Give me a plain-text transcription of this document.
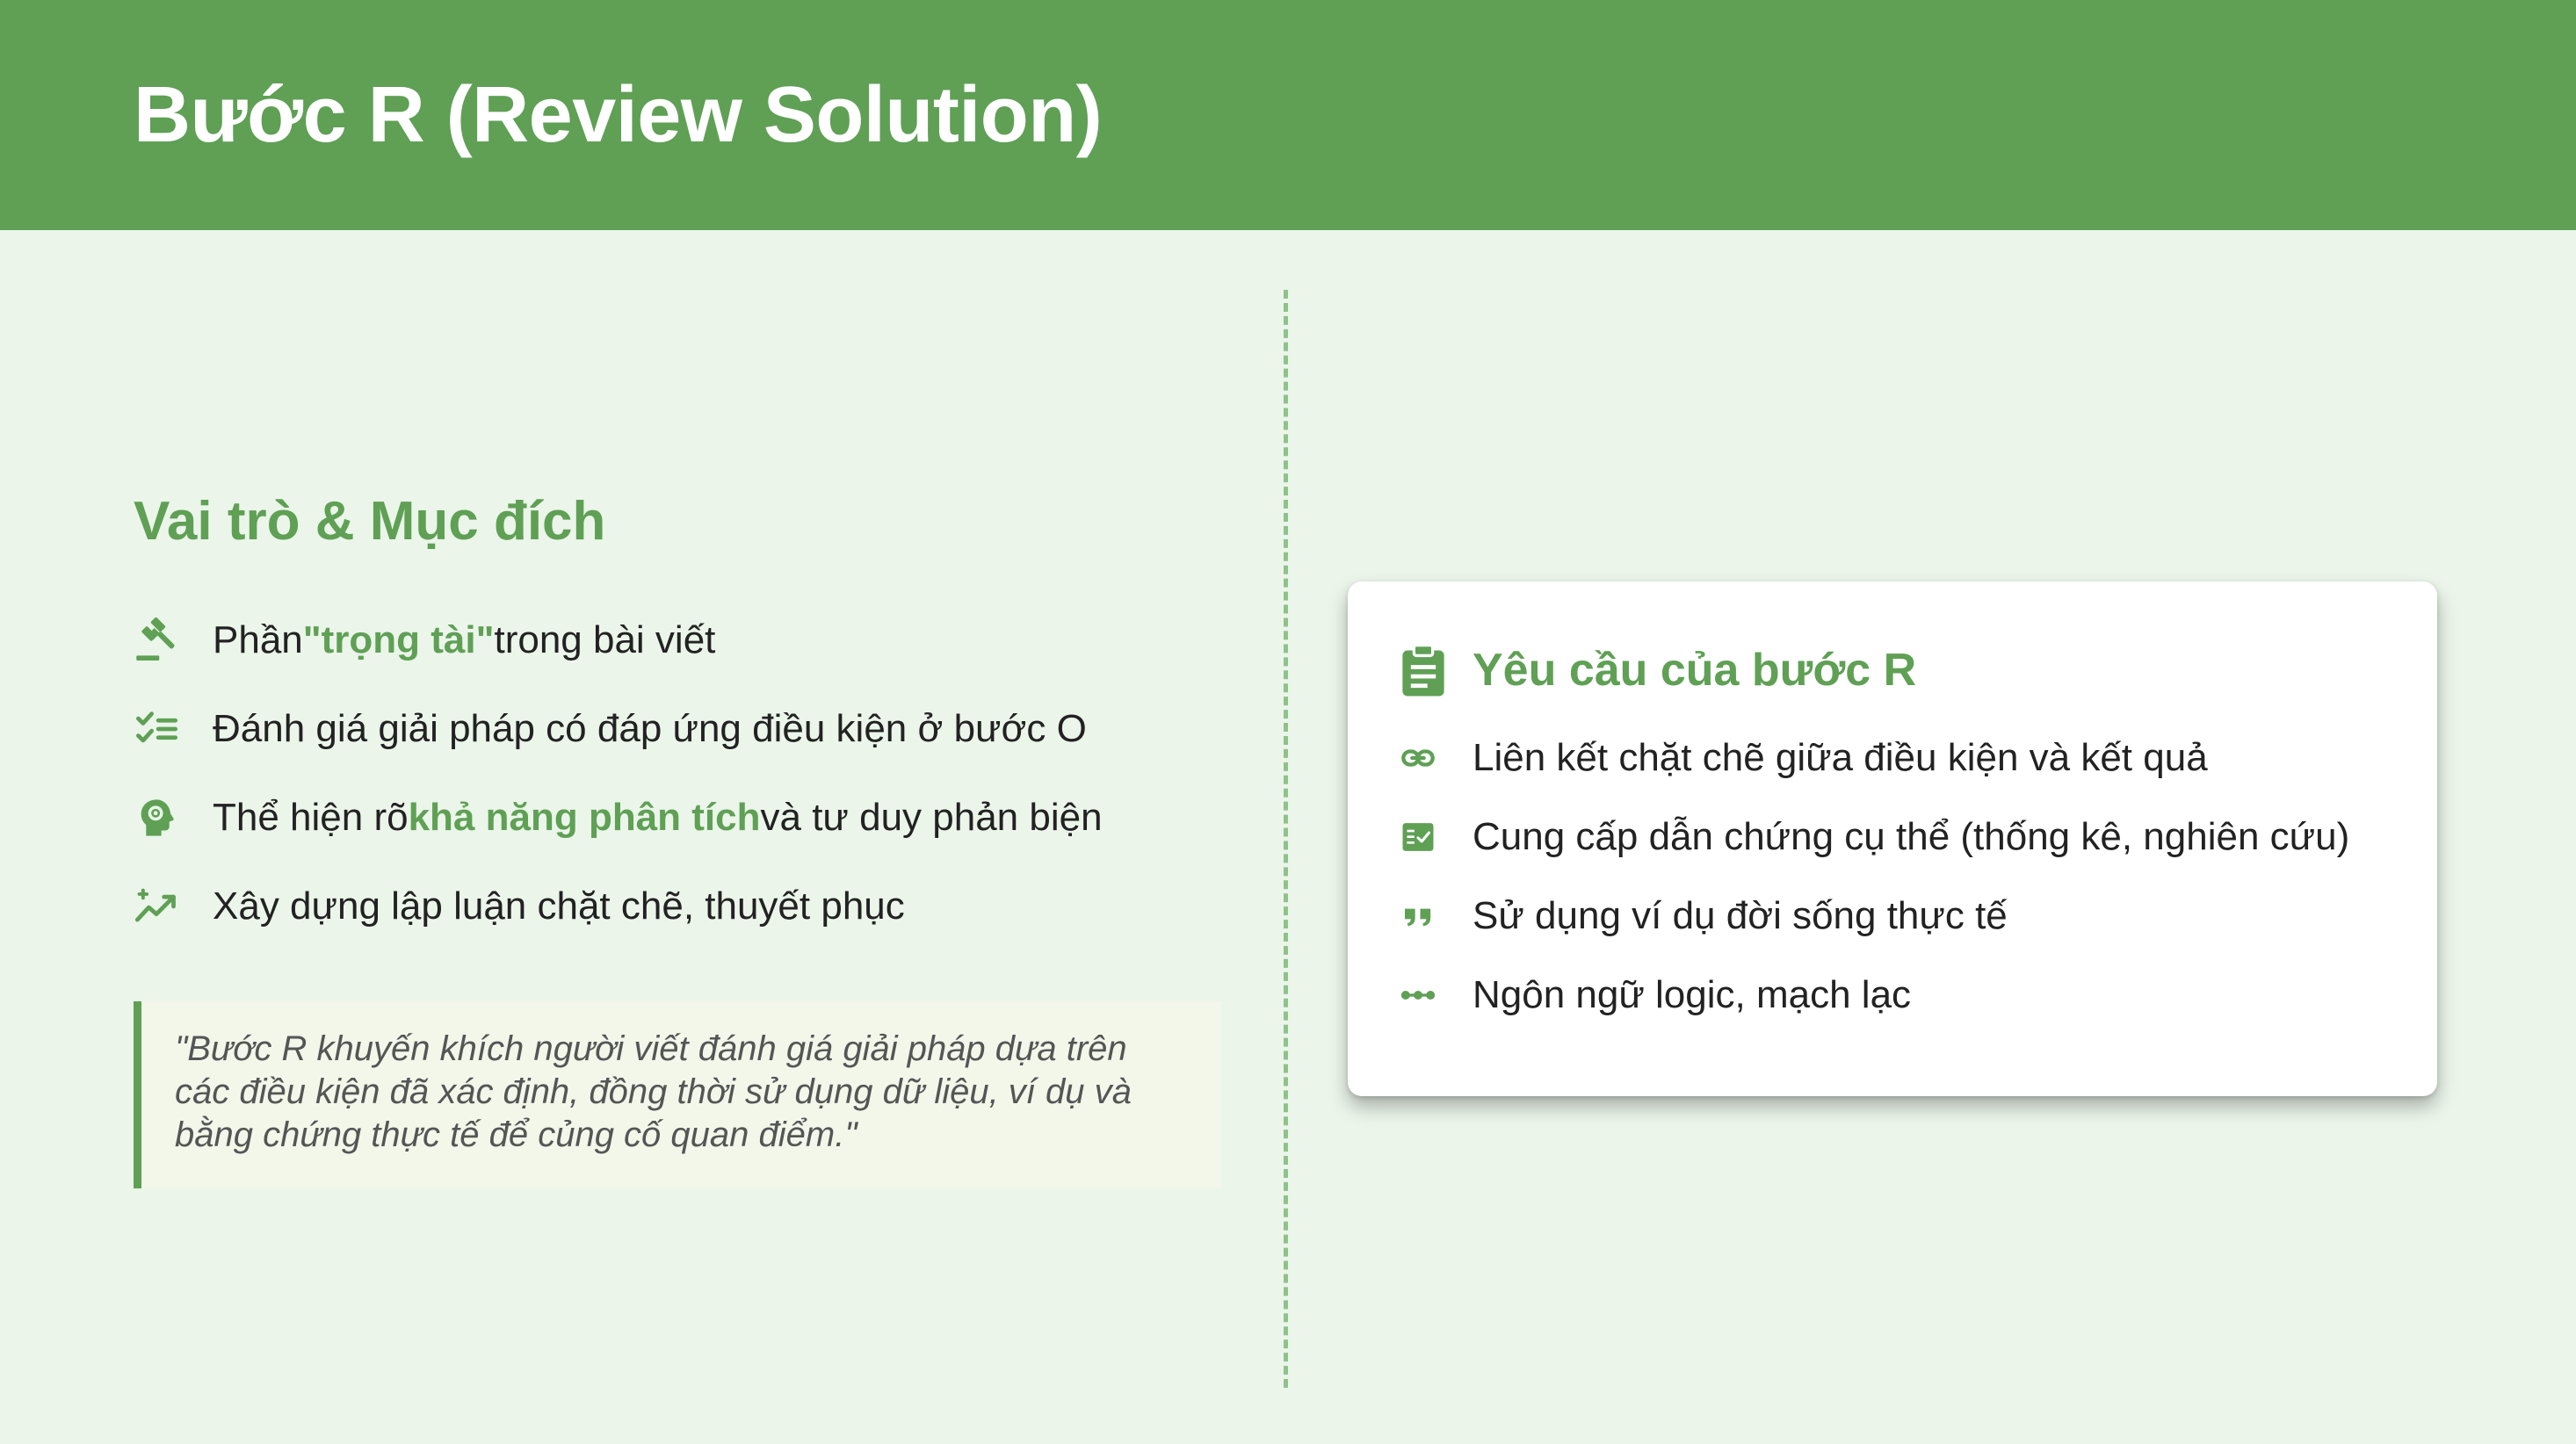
Bước R (Review Solution)
Vai trò & Mục đích
Phần "trọng tài" trong bài viết
Đánh giá giải pháp có đáp ứng điều kiện ở bước O
Thể hiện rõ khả năng phân tích và tư duy phản biện
Xây dựng lập luận chặt chẽ, thuyết phục
"Bước R khuyến khích người viết đánh giá giải pháp dựa trên các điều kiện đã xác định, đồng thời sử dụng dữ liệu, ví dụ và bằng chứng thực tế để củng cố quan điểm."
Yêu cầu của bước R
Liên kết chặt chẽ giữa điều kiện và kết quả
Cung cấp dẫn chứng cụ thể (thống kê, nghiên cứu)
Sử dụng ví dụ đời sống thực tế
Ngôn ngữ logic, mạch lạc
